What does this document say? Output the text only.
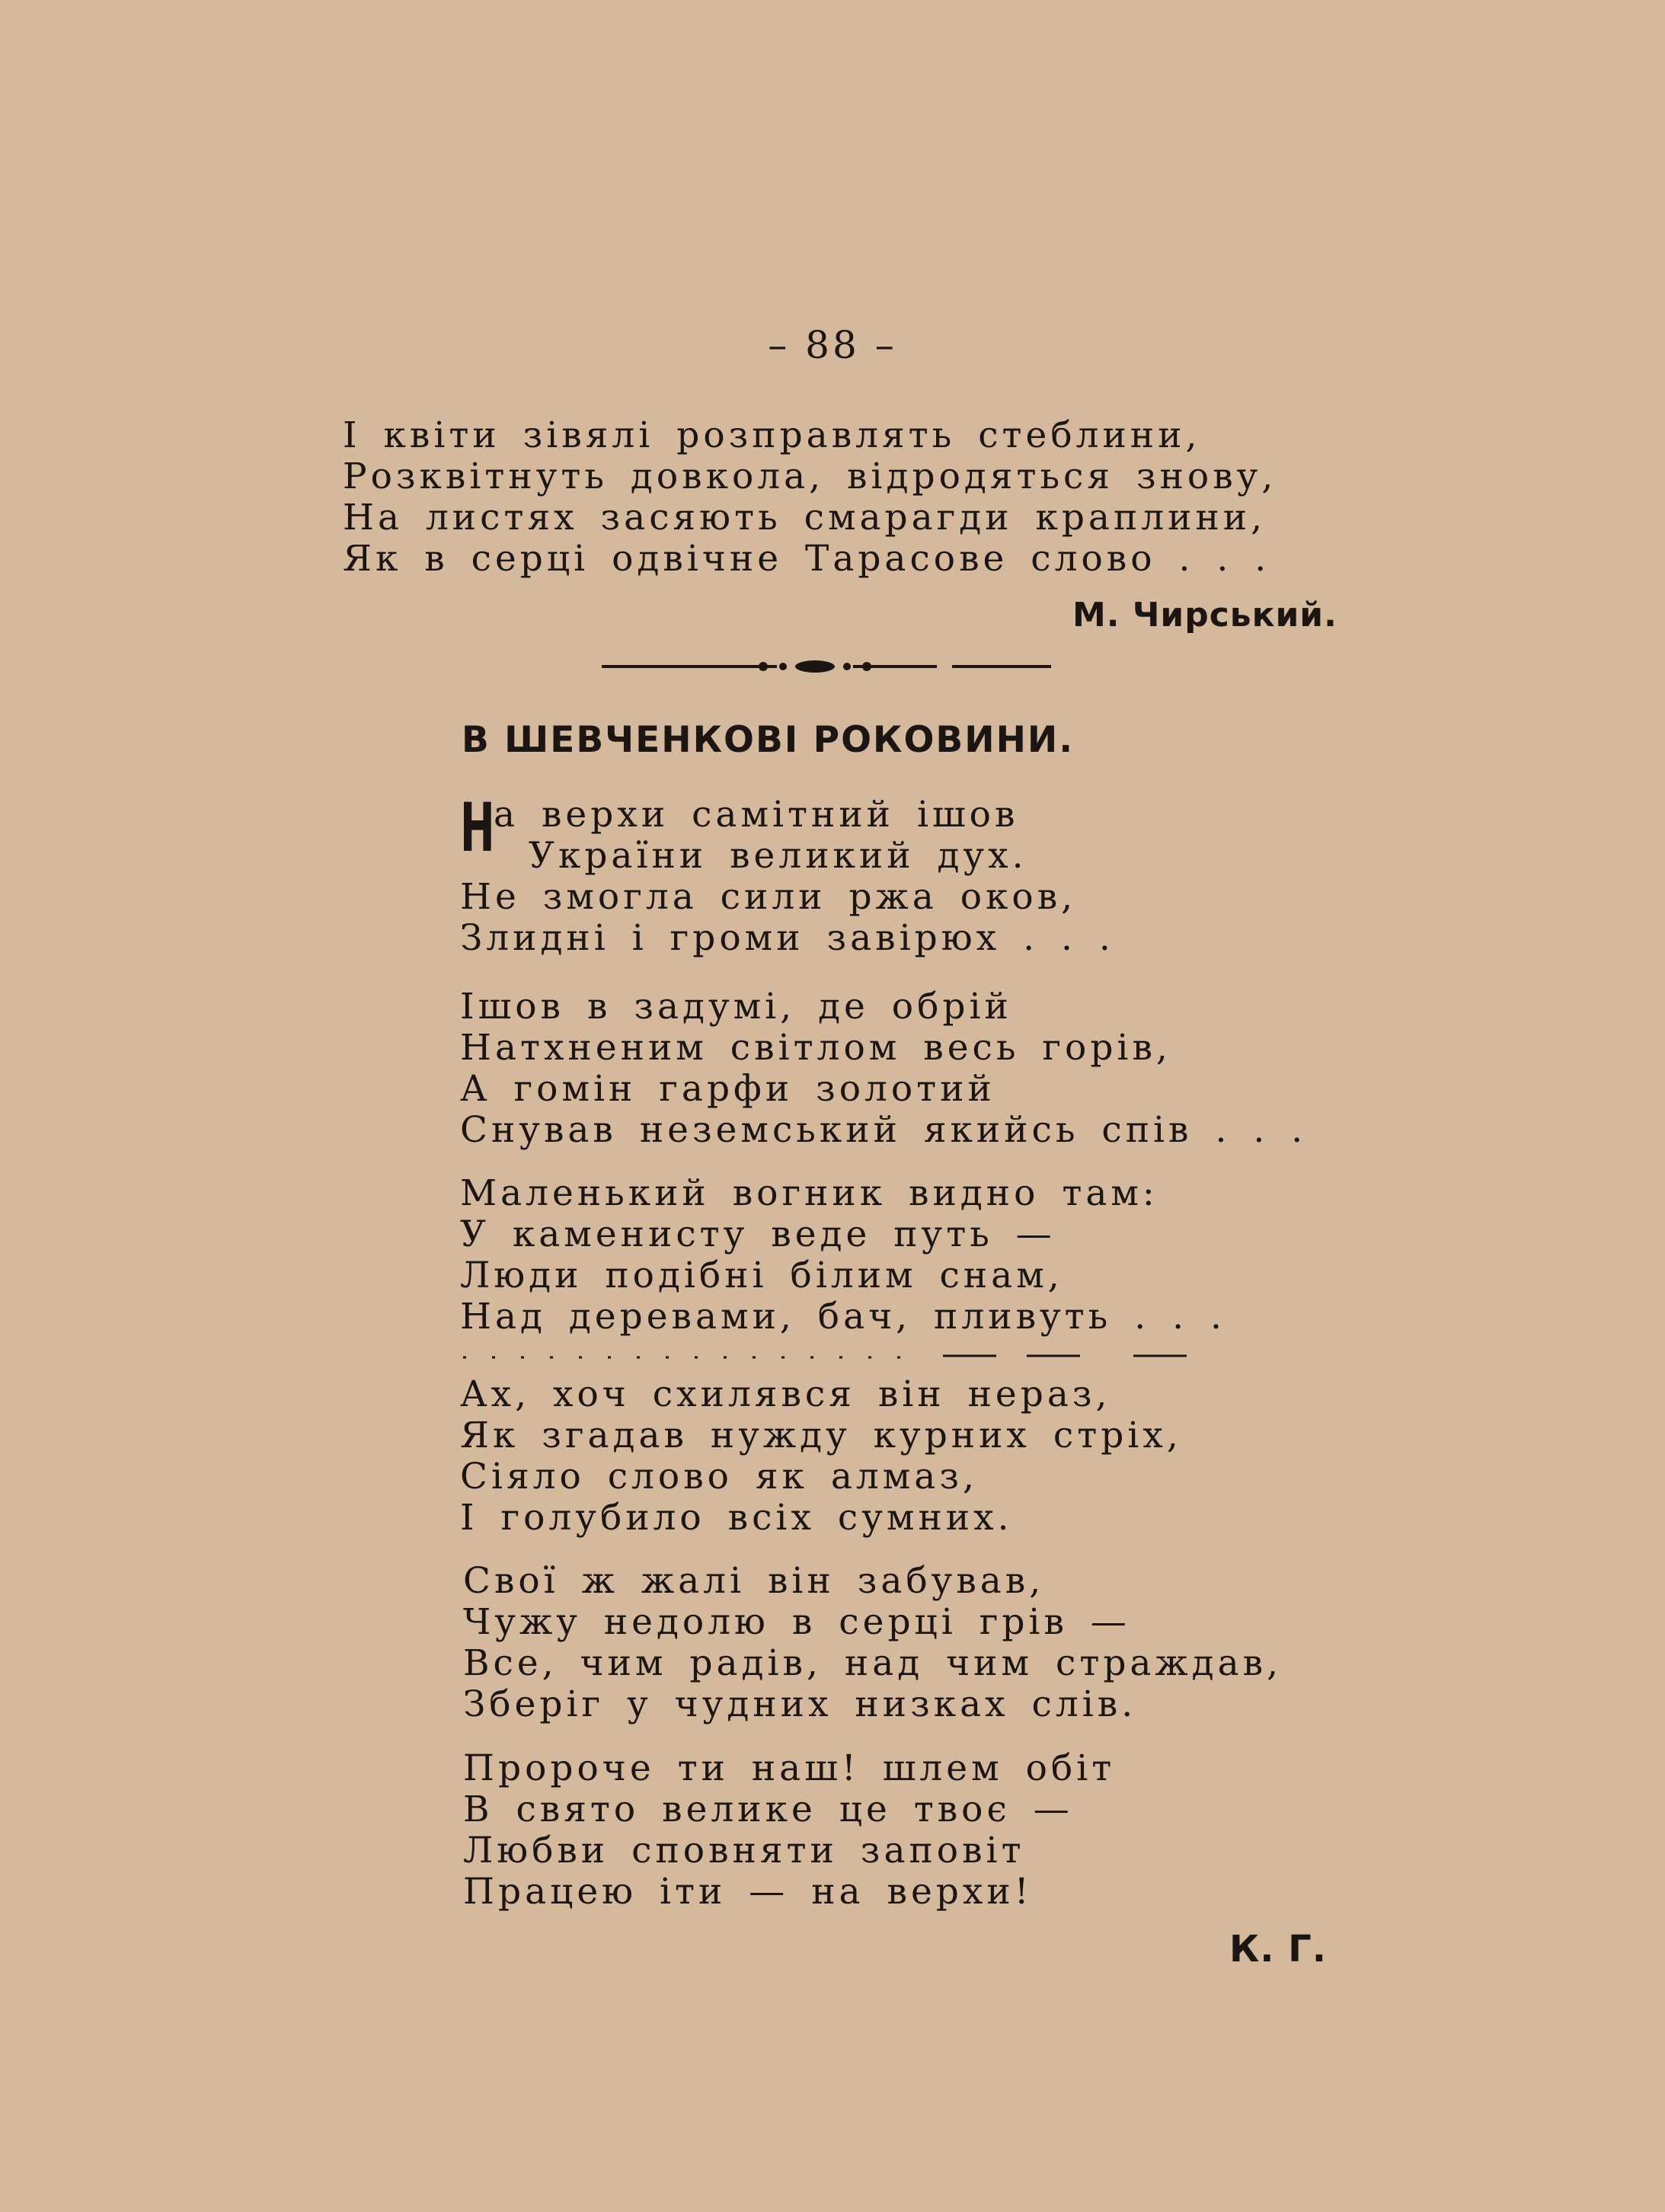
– 88 –
І квіти зівялі розправлять стеблини,
Розквітнуть довкола, відродяться знову,
На листях засяють смарагди краплини,
Як в серці одвічне Тарасове слово . . .
М. Чирський.
В ШЕВЧЕНКОВІ РОКОВИНИ.
Н
а верхи самітний ішов
України великий дух.
Не змогла сили ржа оков,
Злидні і громи завірюх . . .
Ішов в задумі, де обрій
Натхненим світлом весь горів,
А гомін гарфи золотий
Снував неземський якийсь спів . . .
Маленький вогник видно там:
У каменисту веде путь —
Люди подібні білим снам,
Над деревами, бач, пливуть . . .
Ах, хоч схилявся він нераз,
Як згадав нужду курних стріх,
Сіяло слово як алмаз,
І голубило всіх сумних.
Свої ж жалі він забував,
Чужу недолю в серці грів —
Все, чим радів, над чим страждав,
Зберіг у чудних низках слів.
Пророче ти наш! шлем обіт
В свято велике це твоє —
Любви сповняти заповіт
Працею іти — на верхи!
К. Г.
